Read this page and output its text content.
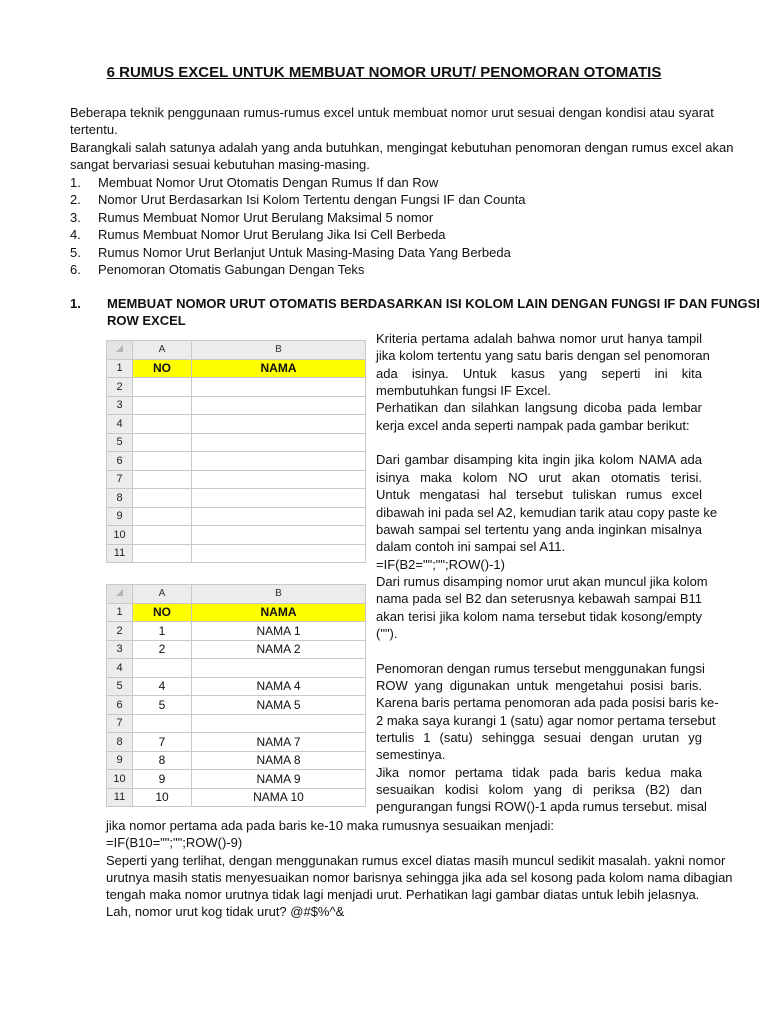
6 RUMUS EXCEL UNTUK MEMBUAT NOMOR URUT/ PENOMORAN OTOMATIS
Beberapa teknik penggunaan rumus-rumus excel untuk membuat nomor urut sesuai dengan kondisi atau syarat
tertentu.
Barangkali salah satunya adalah yang anda butuhkan, mengingat kebutuhan penomoran dengan rumus excel akan
sangat bervariasi sesuai kebutuhan masing-masing.
1.	Membuat Nomor Urut Otomatis Dengan Rumus If dan Row
2.	Nomor Urut Berdasarkan Isi Kolom Tertentu dengan Fungsi IF dan Counta
3.	Rumus Membuat Nomor Urut Berulang Maksimal 5 nomor
4.	Rumus Membuat Nomor Urut Berulang Jika Isi Cell Berbeda
5.	Rumus Nomor Urut Berlanjut Untuk Masing-Masing Data Yang Berbeda
6.	Penomoran Otomatis Gabungan Dengan Teks
1. MEMBUAT NOMOR URUT OTOMATIS BERDASARKAN ISI KOLOM LAIN DENGAN FUNGSI IF DAN FUNGSI
ROW EXCEL
	A	B
1	NO	NAMA
2		
3		
4		
5		
6		
7		
8		
9		
10		
11		
	A	B
1	NO	NAMA
2	1	NAMA 1
3	2	NAMA 2
4		
5	4	NAMA 4
6	5	NAMA 5
7		
8	7	NAMA 7
9	8	NAMA 8
10	9	NAMA 9
11	10	NAMA 10
Kriteria pertama adalah bahwa nomor urut hanya tampil
jika kolom tertentu yang satu baris dengan sel penomoran
ada isinya. Untuk kasus yang seperti ini kita
membutuhkan fungsi IF Excel.
Perhatikan dan silahkan langsung dicoba pada lembar
kerja excel anda seperti nampak pada gambar berikut:
Dari gambar disamping kita ingin jika kolom NAMA ada
isinya maka kolom NO urut akan otomatis terisi.
Untuk mengatasi hal tersebut tuliskan rumus excel
dibawah ini pada sel A2, kemudian tarik atau copy paste ke
bawah sampai sel tertentu yang anda inginkan misalnya
dalam contoh ini sampai sel A11.
=IF(B2="";"";ROW()-1)
Dari rumus disamping nomor urut akan muncul jika kolom
nama pada sel B2 dan seterusnya kebawah sampai B11
akan terisi jika kolom nama tersebut tidak kosong/empty
("").
Penomoran dengan rumus tersebut menggunakan fungsi
ROW yang digunakan untuk mengetahui posisi baris.
Karena baris pertama penomoran ada pada posisi baris ke-
2 maka saya kurangi 1 (satu) agar nomor pertama tersebut
tertulis 1 (satu) sehingga sesuai dengan urutan yg
semestinya.
Jika nomor pertama tidak pada baris kedua maka
sesuaikan kodisi kolom yang di periksa (B2) dan
pengurangan fungsi ROW()-1 apda rumus tersebut. misal
jika nomor pertama ada pada baris ke-10 maka rumusnya sesuaikan menjadi:
=IF(B10="";"";ROW()-9)
Seperti yang terlihat, dengan menggunakan rumus excel diatas masih muncul sedikit masalah. yakni nomor
urutnya masih statis menyesuaikan nomor barisnya sehingga jika ada sel kosong pada kolom nama dibagian
tengah maka nomor urutnya tidak lagi menjadi urut. Perhatikan lagi gambar diatas untuk lebih jelasnya.
Lah, nomor urut kog tidak urut? @#$%^&
